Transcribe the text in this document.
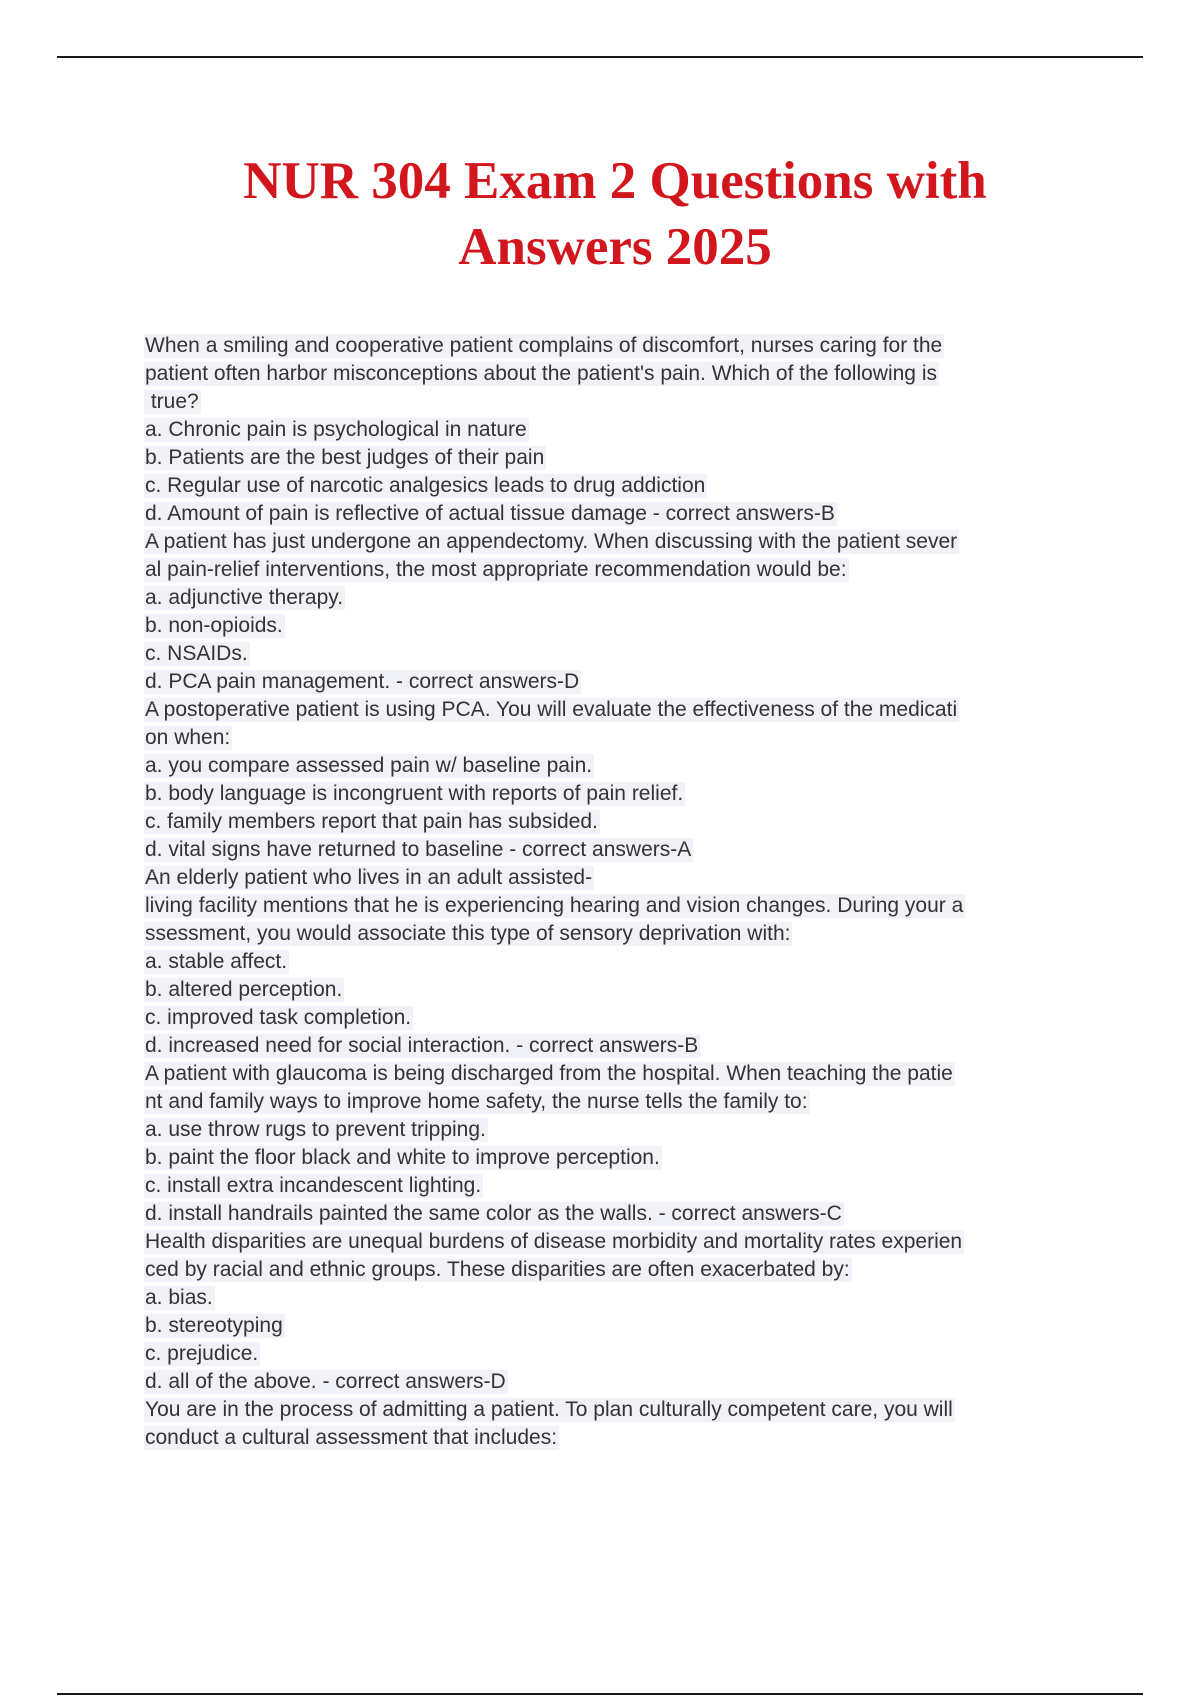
NUR 304 Exam 2 Questions with
Answers 2025
When a smiling and cooperative patient complains of discomfort, nurses caring for the
patient often harbor misconceptions about the patient's pain. Which of the following is
true?
a. Chronic pain is psychological in nature
b. Patients are the best judges of their pain
c. Regular use of narcotic analgesics leads to drug addiction
d. Amount of pain is reflective of actual tissue damage - correct answers-B
A patient has just undergone an appendectomy. When discussing with the patient sever
al pain-relief interventions, the most appropriate recommendation would be:
a. adjunctive therapy.
b. non-opioids.
c. NSAIDs.
d. PCA pain management. - correct answers-D
A postoperative patient is using PCA. You will evaluate the effectiveness of the medicati
on when:
a. you compare assessed pain w/ baseline pain.
b. body language is incongruent with reports of pain relief.
c. family members report that pain has subsided.
d. vital signs have returned to baseline - correct answers-A
An elderly patient who lives in an adult assisted-
living facility mentions that he is experiencing hearing and vision changes. During your a
ssessment, you would associate this type of sensory deprivation with:
a. stable affect.
b. altered perception.
c. improved task completion.
d. increased need for social interaction. - correct answers-B
A patient with glaucoma is being discharged from the hospital. When teaching the patie
nt and family ways to improve home safety, the nurse tells the family to:
a. use throw rugs to prevent tripping.
b. paint the floor black and white to improve perception.
c. install extra incandescent lighting.
d. install handrails painted the same color as the walls. - correct answers-C
Health disparities are unequal burdens of disease morbidity and mortality rates experien
ced by racial and ethnic groups. These disparities are often exacerbated by:
a. bias.
b. stereotyping
c. prejudice.
d. all of the above. - correct answers-D
You are in the process of admitting a patient. To plan culturally competent care, you will
conduct a cultural assessment that includes:
